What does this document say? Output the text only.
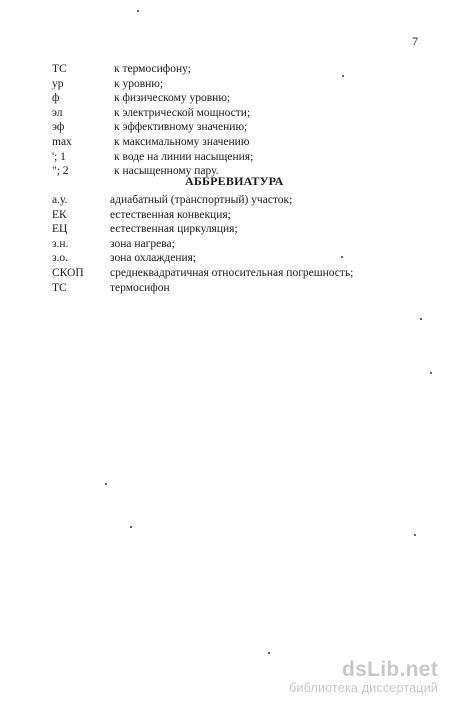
7
ТС	к термосифону;
ур	к уровню;
ф	к физическому уровню;
эл	к электрической мощности;
эф	к эффективному значению;
max	к максимальному значению
'; 1	к воде на линии насыщения;
"; 2	к насыщенному пару.
АББРЕВИАТУРА
а.у.	адиабатный (транспортный) участок;
ЕК	естественная конвекция;
ЕЦ	естественная циркуляция;
з.н.	зона нагрева;
з.о.	зона охлаждения;
СКОП	среднеквадратичная относительная погрешность;
ТС	термосифон
dsLib.net
библиотека диссертаций
